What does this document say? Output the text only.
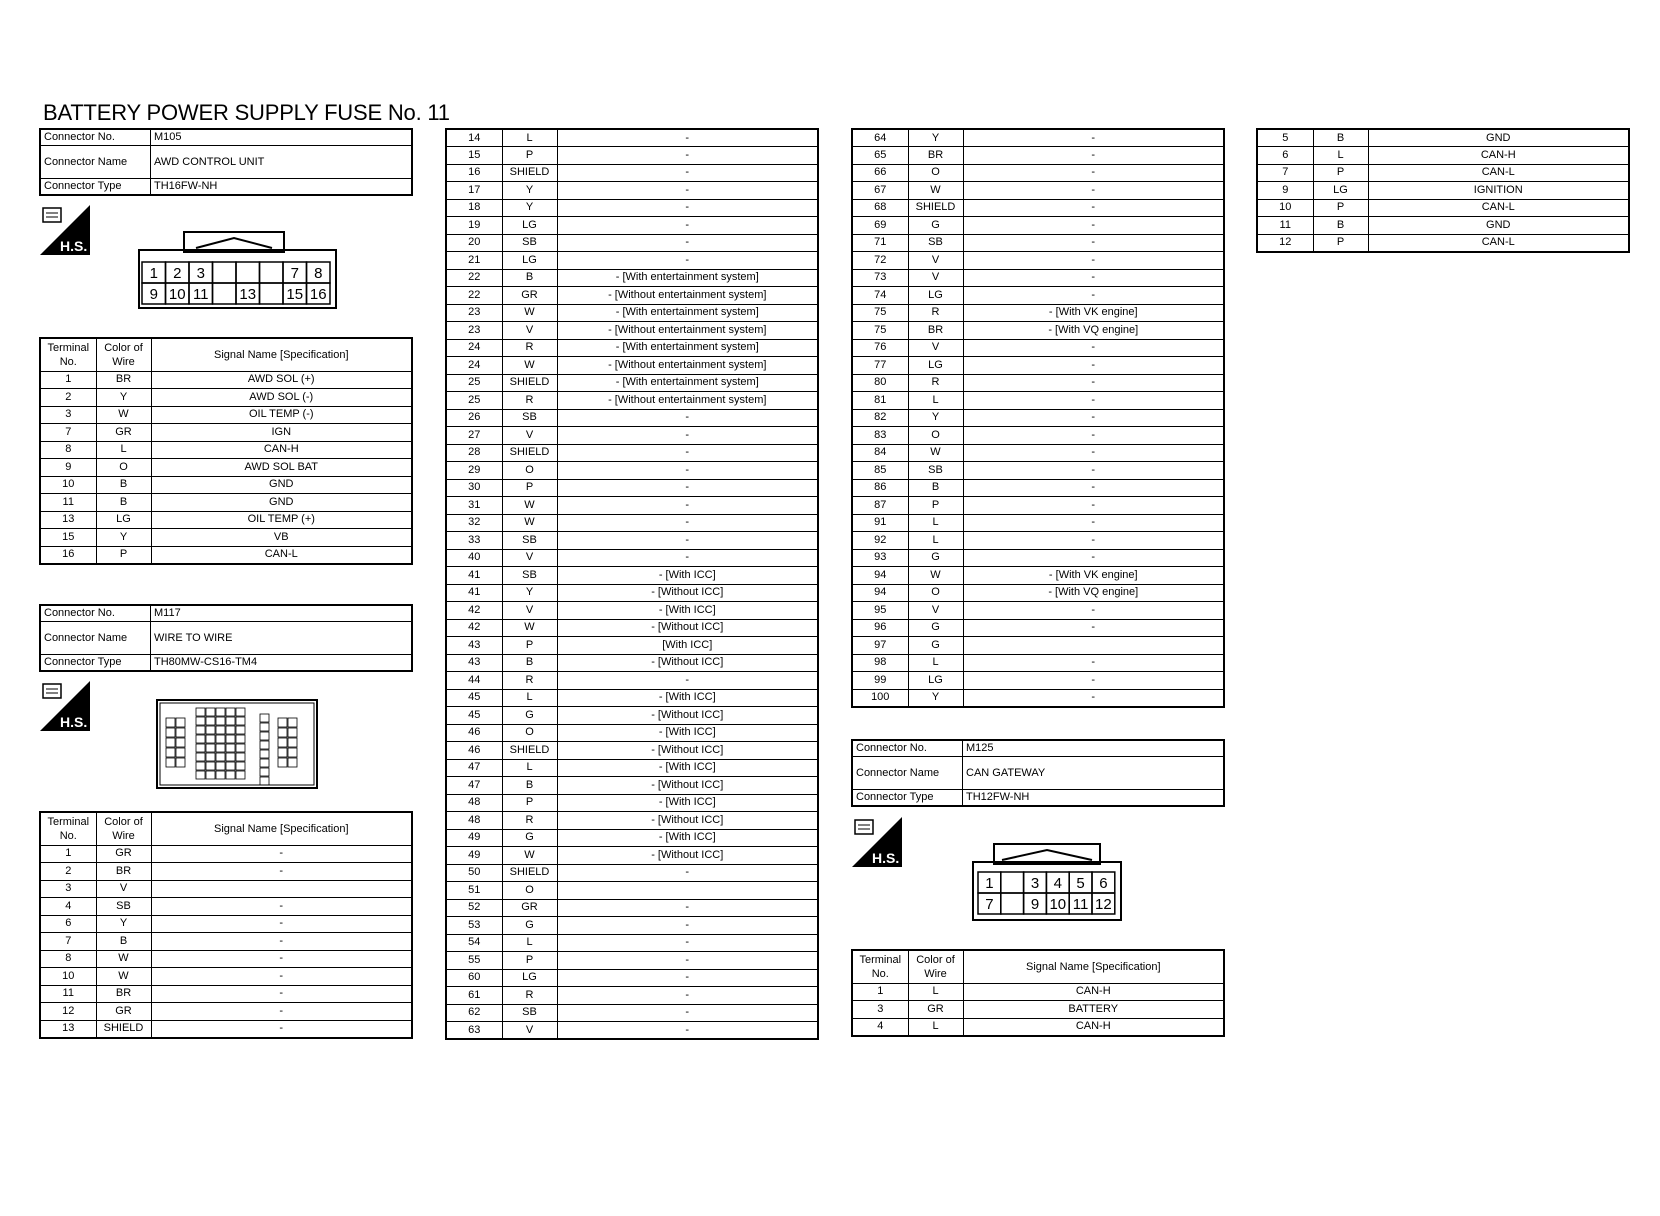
BATTERY POWER SUPPLY FUSE No. 11
Connector No.	M105
Connector Name	AWD CONTROL UNIT
Connector Type	TH16FW-NH
H.S.
1 2 3	7 8
9 10 11 13 15 16
Terminal No.	Color of Wire	Signal Name [Specification]
1	BR	AWD SOL (+)
2	Y	AWD SOL (-)
3	W	OIL TEMP (-)
7	GR	IGN
8	L	CAN-H
9	O	AWD SOL BAT
10	B	GND
11	B	GND
13	LG	OIL TEMP (+)
15	Y	VB
16	P	CAN-L
Connector No.	M117
Connector Name	WIRE TO WIRE
Connector Type	TH80MW-CS16-TM4
H.S.
Terminal No.	Color of Wire	Signal Name [Specification]
1	GR	-
2	BR	-
3	V	
4	SB	-
6	Y	-
7	B	-
8	W	-
10	W	-
11	BR	-
12	GR	-
13	SHIELD	-
14	L	-
15	P	-
16	SHIELD	-
17	Y	-
18	Y	-
19	LG	-
20	SB	-
21	LG	-
22	B	- [With entertainment system]
22	GR	- [Without entertainment system]
23	W	- [With entertainment system]
23	V	- [Without entertainment system]
24	R	- [With entertainment system]
24	W	- [Without entertainment system]
25	SHIELD	- [With entertainment system]
25	R	- [Without entertainment system]
26	SB	-
27	V	-
28	SHIELD	-
29	O	-
30	P	-
31	W	-
32	W	-
33	SB	-
40	V	-
41	SB	- [With ICC]
41	Y	- [Without ICC]
42	V	- [With ICC]
42	W	- [Without ICC]
43	P	[With ICC]
43	B	- [Without ICC]
44	R	-
45	L	- [With ICC]
45	G	- [Without ICC]
46	O	- [With ICC]
46	SHIELD	- [Without ICC]
47	L	- [With ICC]
47	B	- [Without ICC]
48	P	- [With ICC]
48	R	- [Without ICC]
49	G	- [With ICC]
49	W	- [Without ICC]
50	SHIELD	-
51	O	
52	GR	-
53	G	-
54	L	-
55	P	-
60	LG	-
61	R	-
62	SB	-
63	V	-
64	Y	-
65	BR	-
66	O	-
67	W	-
68	SHIELD	-
69	G	-
71	SB	-
72	V	-
73	V	-
74	LG	-
75	R	- [With VK engine]
75	BR	- [With VQ engine]
76	V	-
77	LG	-
80	R	-
81	L	-
82	Y	-
83	O	-
84	W	-
85	SB	-
86	B	-
87	P	-
91	L	-
92	L	-
93	G	-
94	W	- [With VK engine]
94	O	- [With VQ engine]
95	V	-
96	G	-
97	G	
98	L	-
99	LG	-
100	Y	-
Connector No.	M125
Connector Name	CAN GATEWAY
Connector Type	TH12FW-NH
H.S.
1 3 4 5 6
7 9 10 11 12
Terminal No.	Color of Wire	Signal Name [Specification]
1	L	CAN-H
3	GR	BATTERY
4	L	CAN-H
5	B	GND
6	L	CAN-H
7	P	CAN-L
9	LG	IGNITION
10	P	CAN-L
11	B	GND
12	P	CAN-L
